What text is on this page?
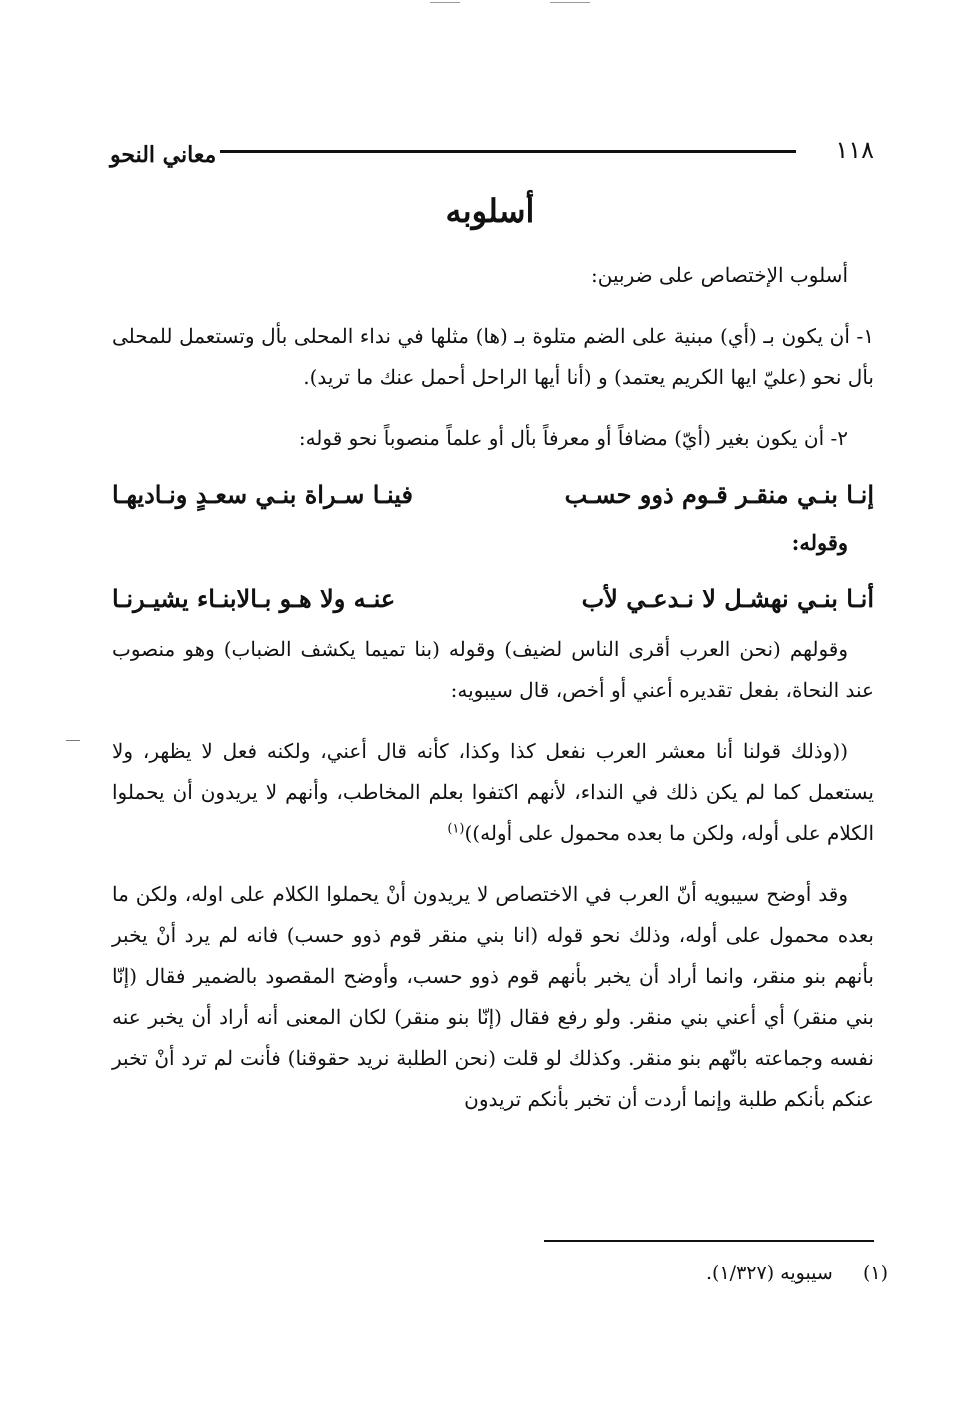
١١٨
معاني النحو
أسلوبه

أسلوب الإختصاص على ضربين:

١- أن يكون بـ (أي) مبنية على الضم متلوة بـ (ها) مثلها في نداء المحلى بأل وتستعمل للمحلى بأل نحو (عليّ ايها الكريم يعتمد) و (أنا أيها الراحل أحمل عنك ما تريد).

٢- أن يكون بغير (أيّ) مضافاً أو معرفاً بأل أو علماً منصوباً نحو قوله:

إنـا بنـي منقـر قـوم ذوو حسـب
فينـا سـراة بنـي سعـدٍ ونـاديهـا
وقوله:
أنـا بنـي نهشـل لا نـدعـي لأب
عنـه ولا هـو بـالابنـاء يشيـرنـا

وقولهم (نحن العرب أقرى الناس لضيف) وقوله (بنا تميما يكشف الضباب) وهو منصوب عند النحاة، بفعل تقديره أعني أو أخص، قال سيبويه:

((وذلك قولنا أنا معشر العرب نفعل كذا وكذا، كأنه قال أعني، ولكنه فعل لا يظهر، ولا يستعمل كما لم يكن ذلك في النداء، لأنهم اكتفوا بعلم المخاطب، وأنهم لا يريدون أن يحملوا الكلام على أوله، ولكن ما بعده محمول على أوله))$^{(١)}$

وقد أوضح سيبويه أنّ العرب في الاختصاص لا يريدون أنْ يحملوا الكلام على اوله، ولكن ما بعده محمول على أوله، وذلك نحو قوله (انا بني منقر قوم ذوو حسب) فانه لم يرد أنْ يخبر بأنهم بنو منقر، وانما أراد أن يخبر بأنهم قوم ذوو حسب، وأوضح المقصود بالضمير فقال (إنّا بني منقر) أي أعني بني منقر. ولو رفع فقال (إنّا بنو منقر) لكان المعنى أنه أراد أن يخبر عنه نفسه وجماعته بانّهم بنو منقر. وكذلك لو قلت (نحن الطلبة نريد حقوقنا) فأنت لم ترد أنْ تخبر عنكم بأنكم طلبة وإنما أردت أن تخبر بأنكم تريدون

(١)  سيبويه (١/٣٢٧).
